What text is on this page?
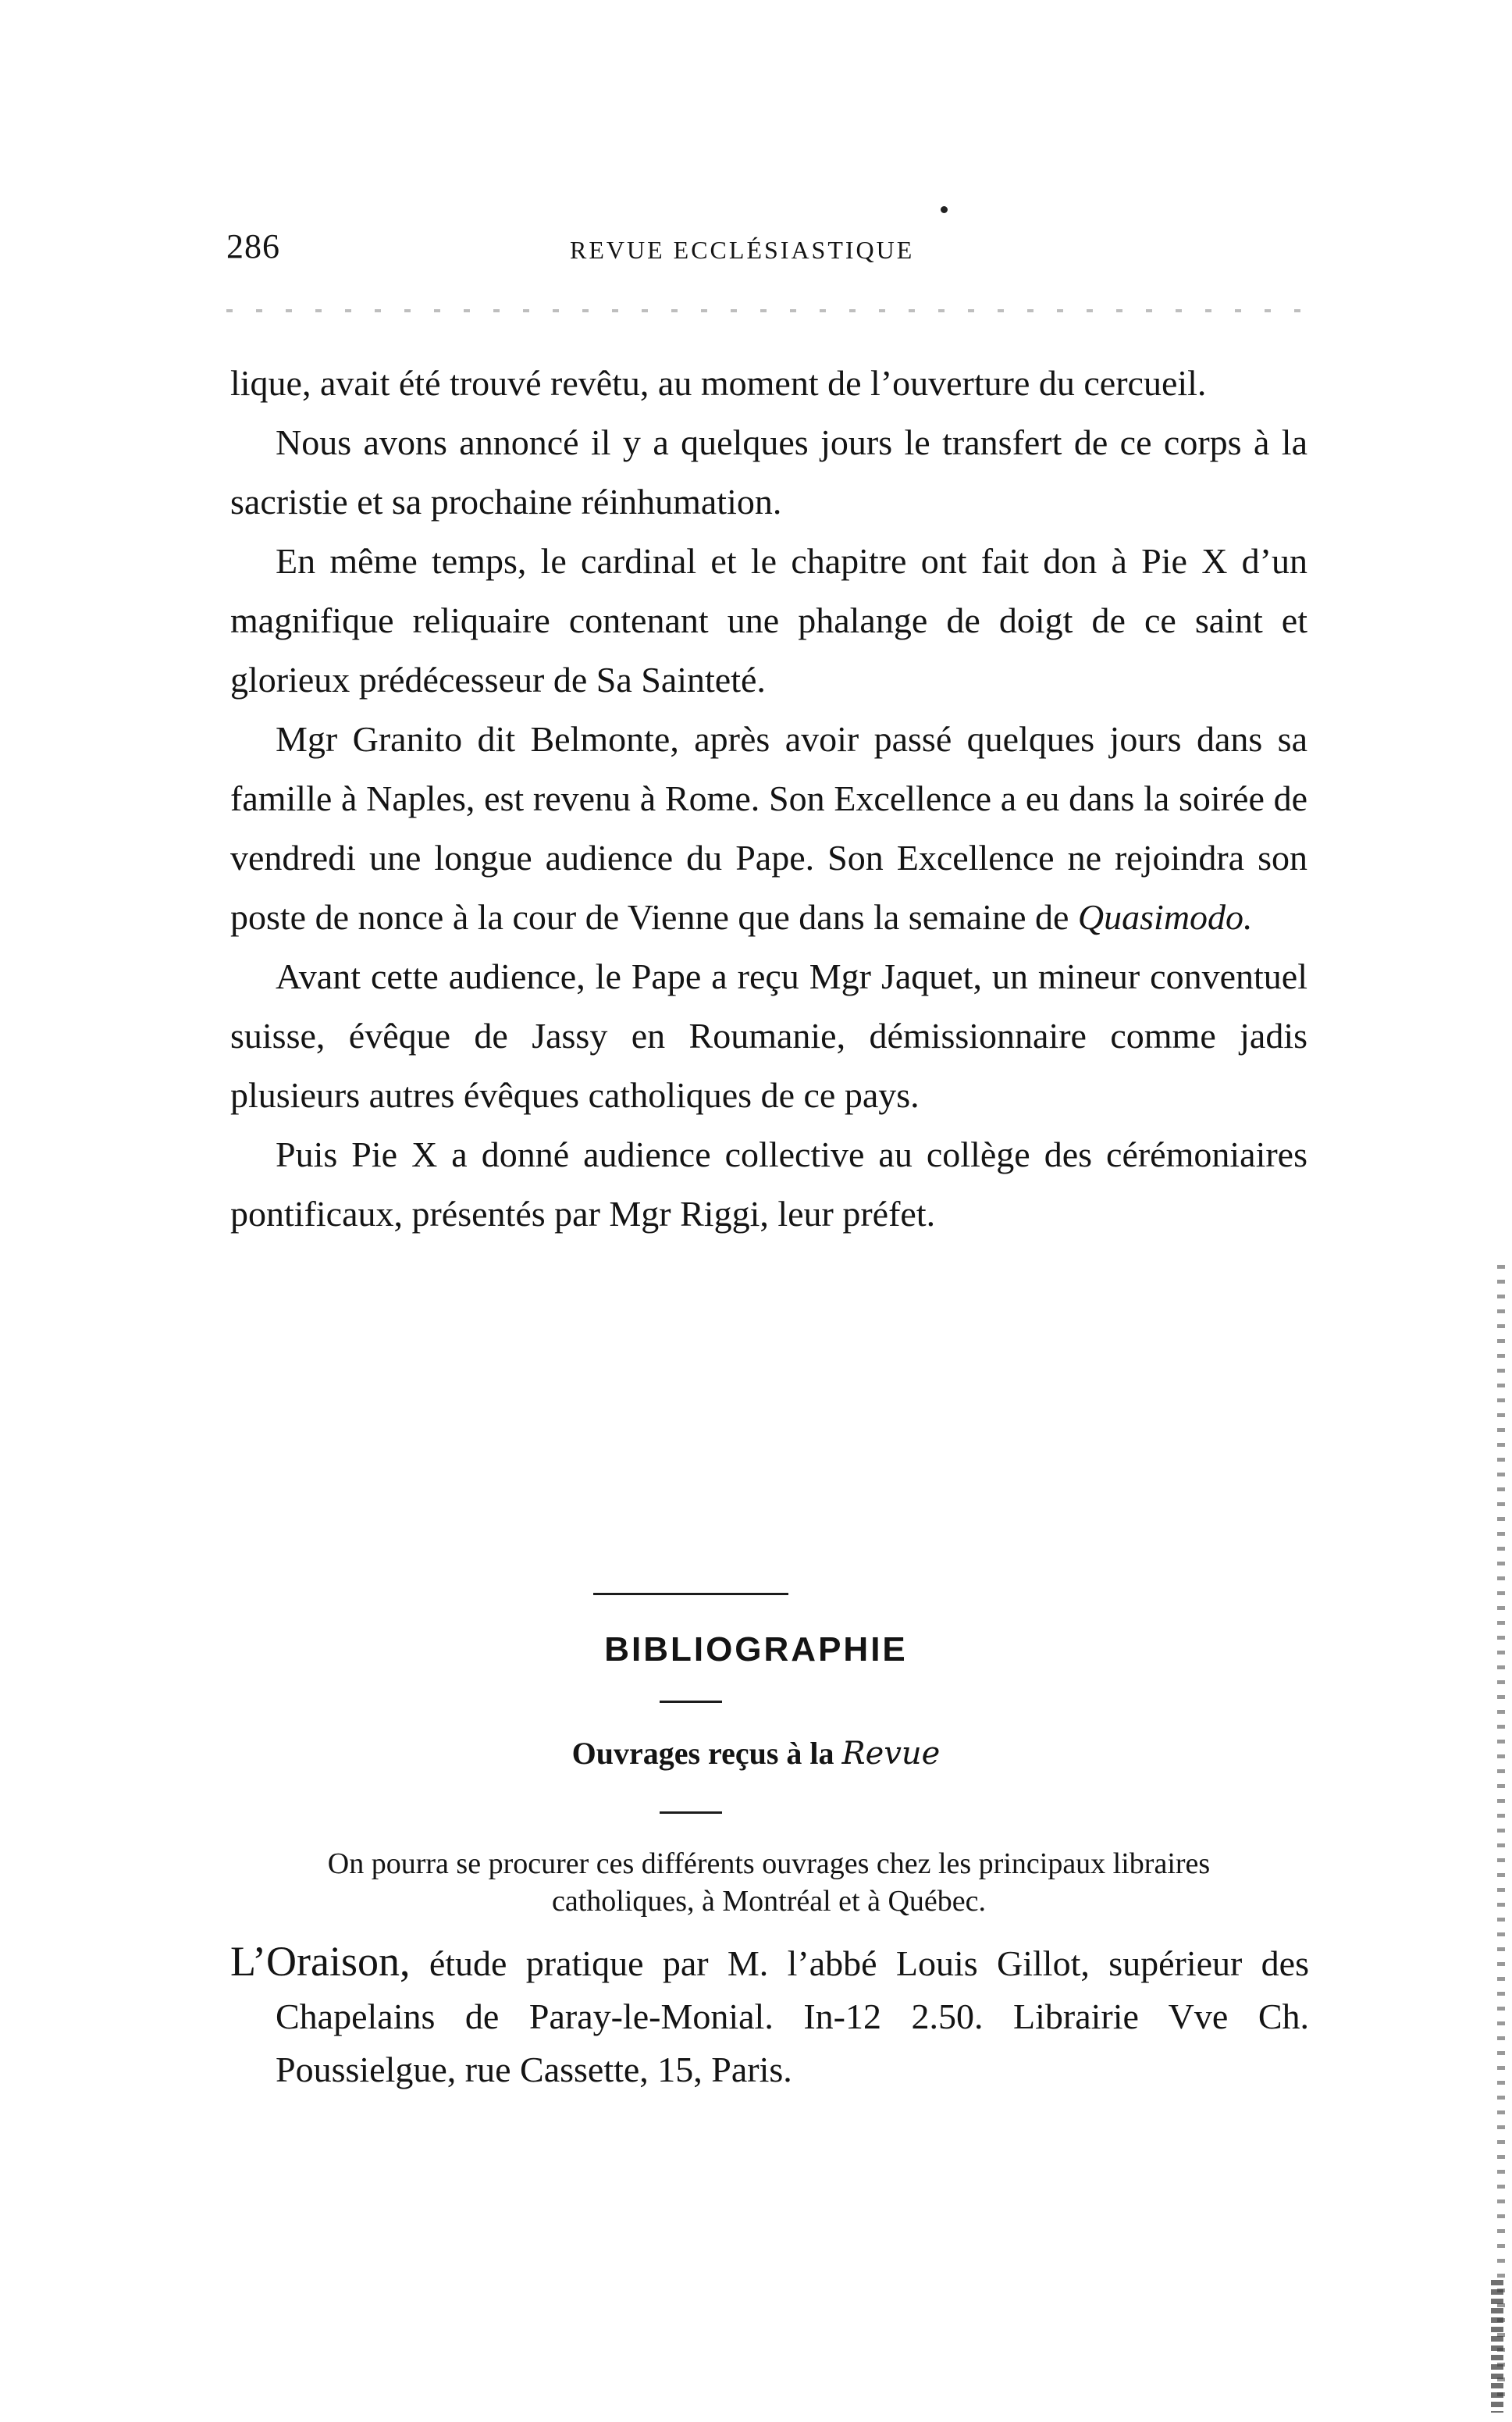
286	REVUE ECCLÉSIASTIQUE

lique, avait été trouvé revêtu, au moment de l’ouverture du cercueil.

Nous avons annoncé il y a quelques jours le transfert de ce corps à la sacristie et sa prochaine réinhumation.

En même temps, le cardinal et le chapitre ont fait don à Pie X d’un magnifique reliquaire contenant une phalange de doigt de ce saint et glorieux prédécesseur de Sa Sainteté.

Mgr Granito dit Belmonte, après avoir passé quelques jours dans sa famille à Naples, est revenu à Rome. Son Excellence a eu dans la soirée de vendredi une longue audience du Pape. Son Excellence ne rejoindra son poste de nonce à la cour de Vienne que dans la semaine de Quasimodo.

Avant cette audience, le Pape a reçu Mgr Jaquet, un mineur conventuel suisse, évêque de Jassy en Roumanie, démissionnaire comme jadis plusieurs autres évêques catholiques de ce pays.

Puis Pie X a donné audience collective au collège des cérémoniaires pontificaux, présentés par Mgr Riggi, leur préfet.

BIBLIOGRAPHIE
Ouvrages reçus à la Revue
On pourra se procurer ces différents ouvrages chez les principaux libraires catholiques, à Montréal et à Québec.
L’Oraison, étude pratique par M. l’abbé Louis Gillot, supérieur des Chapelains de Paray-le-Monial. In-12 2.50. Librairie Vve Ch. Poussielgue, rue Cassette, 15, Paris.
